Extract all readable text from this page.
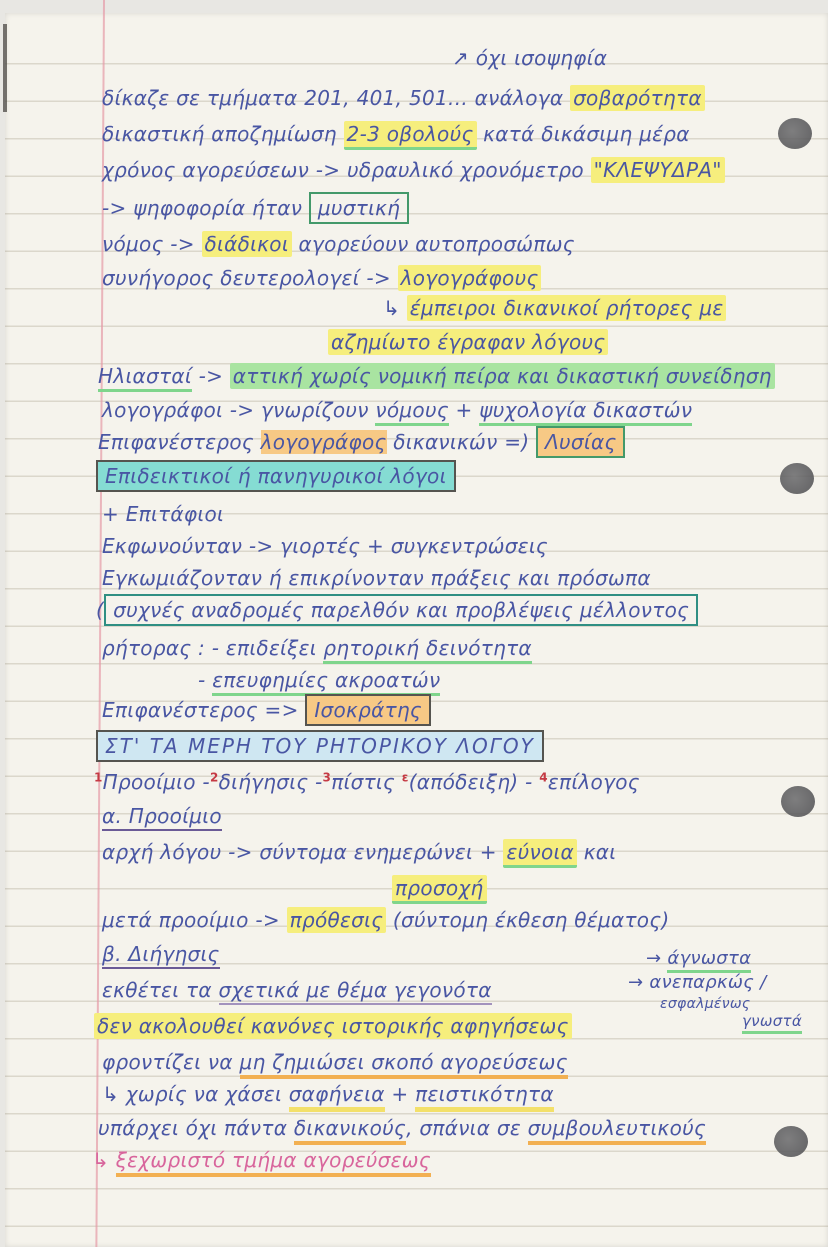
↗ όχι ισοψηφία
δίκαζε σε τμήματα 201, 401, 501... ανάλογα σοβαρότητα
δικαστική αποζημίωση 2-3 οβολούς κατά δικάσιμη μέρα
χρόνος αγορεύσεων -> υδραυλικό χρονόμετρο "ΚΛΕΨΥΔΡΑ"
-> ψηφοφορία ήταν μυστική
νόμος -> διάδικοι αγορεύουν αυτοπροσώπως
συνήγορος δευτερολογεί -> λογογράφους
↳ έμπειροι δικανικοί ρήτορες με
αζημίωτο έγραφαν λόγους
Ηλιασταί -> αττική χωρίς νομική πείρα και δικαστική συνείδηση
λογογράφοι -> γνωρίζουν νόμους + ψυχολογία δικαστών
Επιφανέστερος λογογράφος δικανικών =) Λυσίας
Επιδεικτικοί ή πανηγυρικοί λόγοι
+ Επιτάφιοι
Εκφωνούνταν -> γιορτές + συγκεντρώσεις
Εγκωμιάζονταν ή επικρίνονταν πράξεις και πρόσωπα
( συχνές αναδρομές παρελθόν και προβλέψεις μέλλοντος
ρήτορας : - επιδείξει ρητορική δεινότητα
- επευφημίες ακροατών
Επιφανέστερος => Ισοκράτης
ΣΤ' ΤΑ ΜΕΡΗ ΤΟΥ ΡΗΤΟΡΙΚΟΥ ΛΟΓΟΥ
$^1$Προοίμιο -$^2$διήγησις -$^3$πίστις $^\varepsilon$(απόδειξη) - $^4$επίλογος
α. Προοίμιο
αρχή λόγου -> σύντομα ενημερώνει + εύνοια και
προσοχή
μετά προοίμιο -> πρόθεσις (σύντομη έκθεση θέματος)
β. Διήγησις
εκθέτει τα σχετικά με θέμα γεγονότα
→ άγνωστα
→ ανεπαρκώς /
εσφαλμένως
γνωστά
δεν ακολουθεί κανόνες ιστορικής αφηγήσεως
φροντίζει να μη ζημιώσει σκοπό αγορεύσεως
↳ χωρίς να χάσει σαφήνεια + πειστικότητα
υπάρχει όχι πάντα δικανικούς, σπάνια σε συμβουλευτικούς
↳ ξεχωριστό τμήμα αγορεύσεως
